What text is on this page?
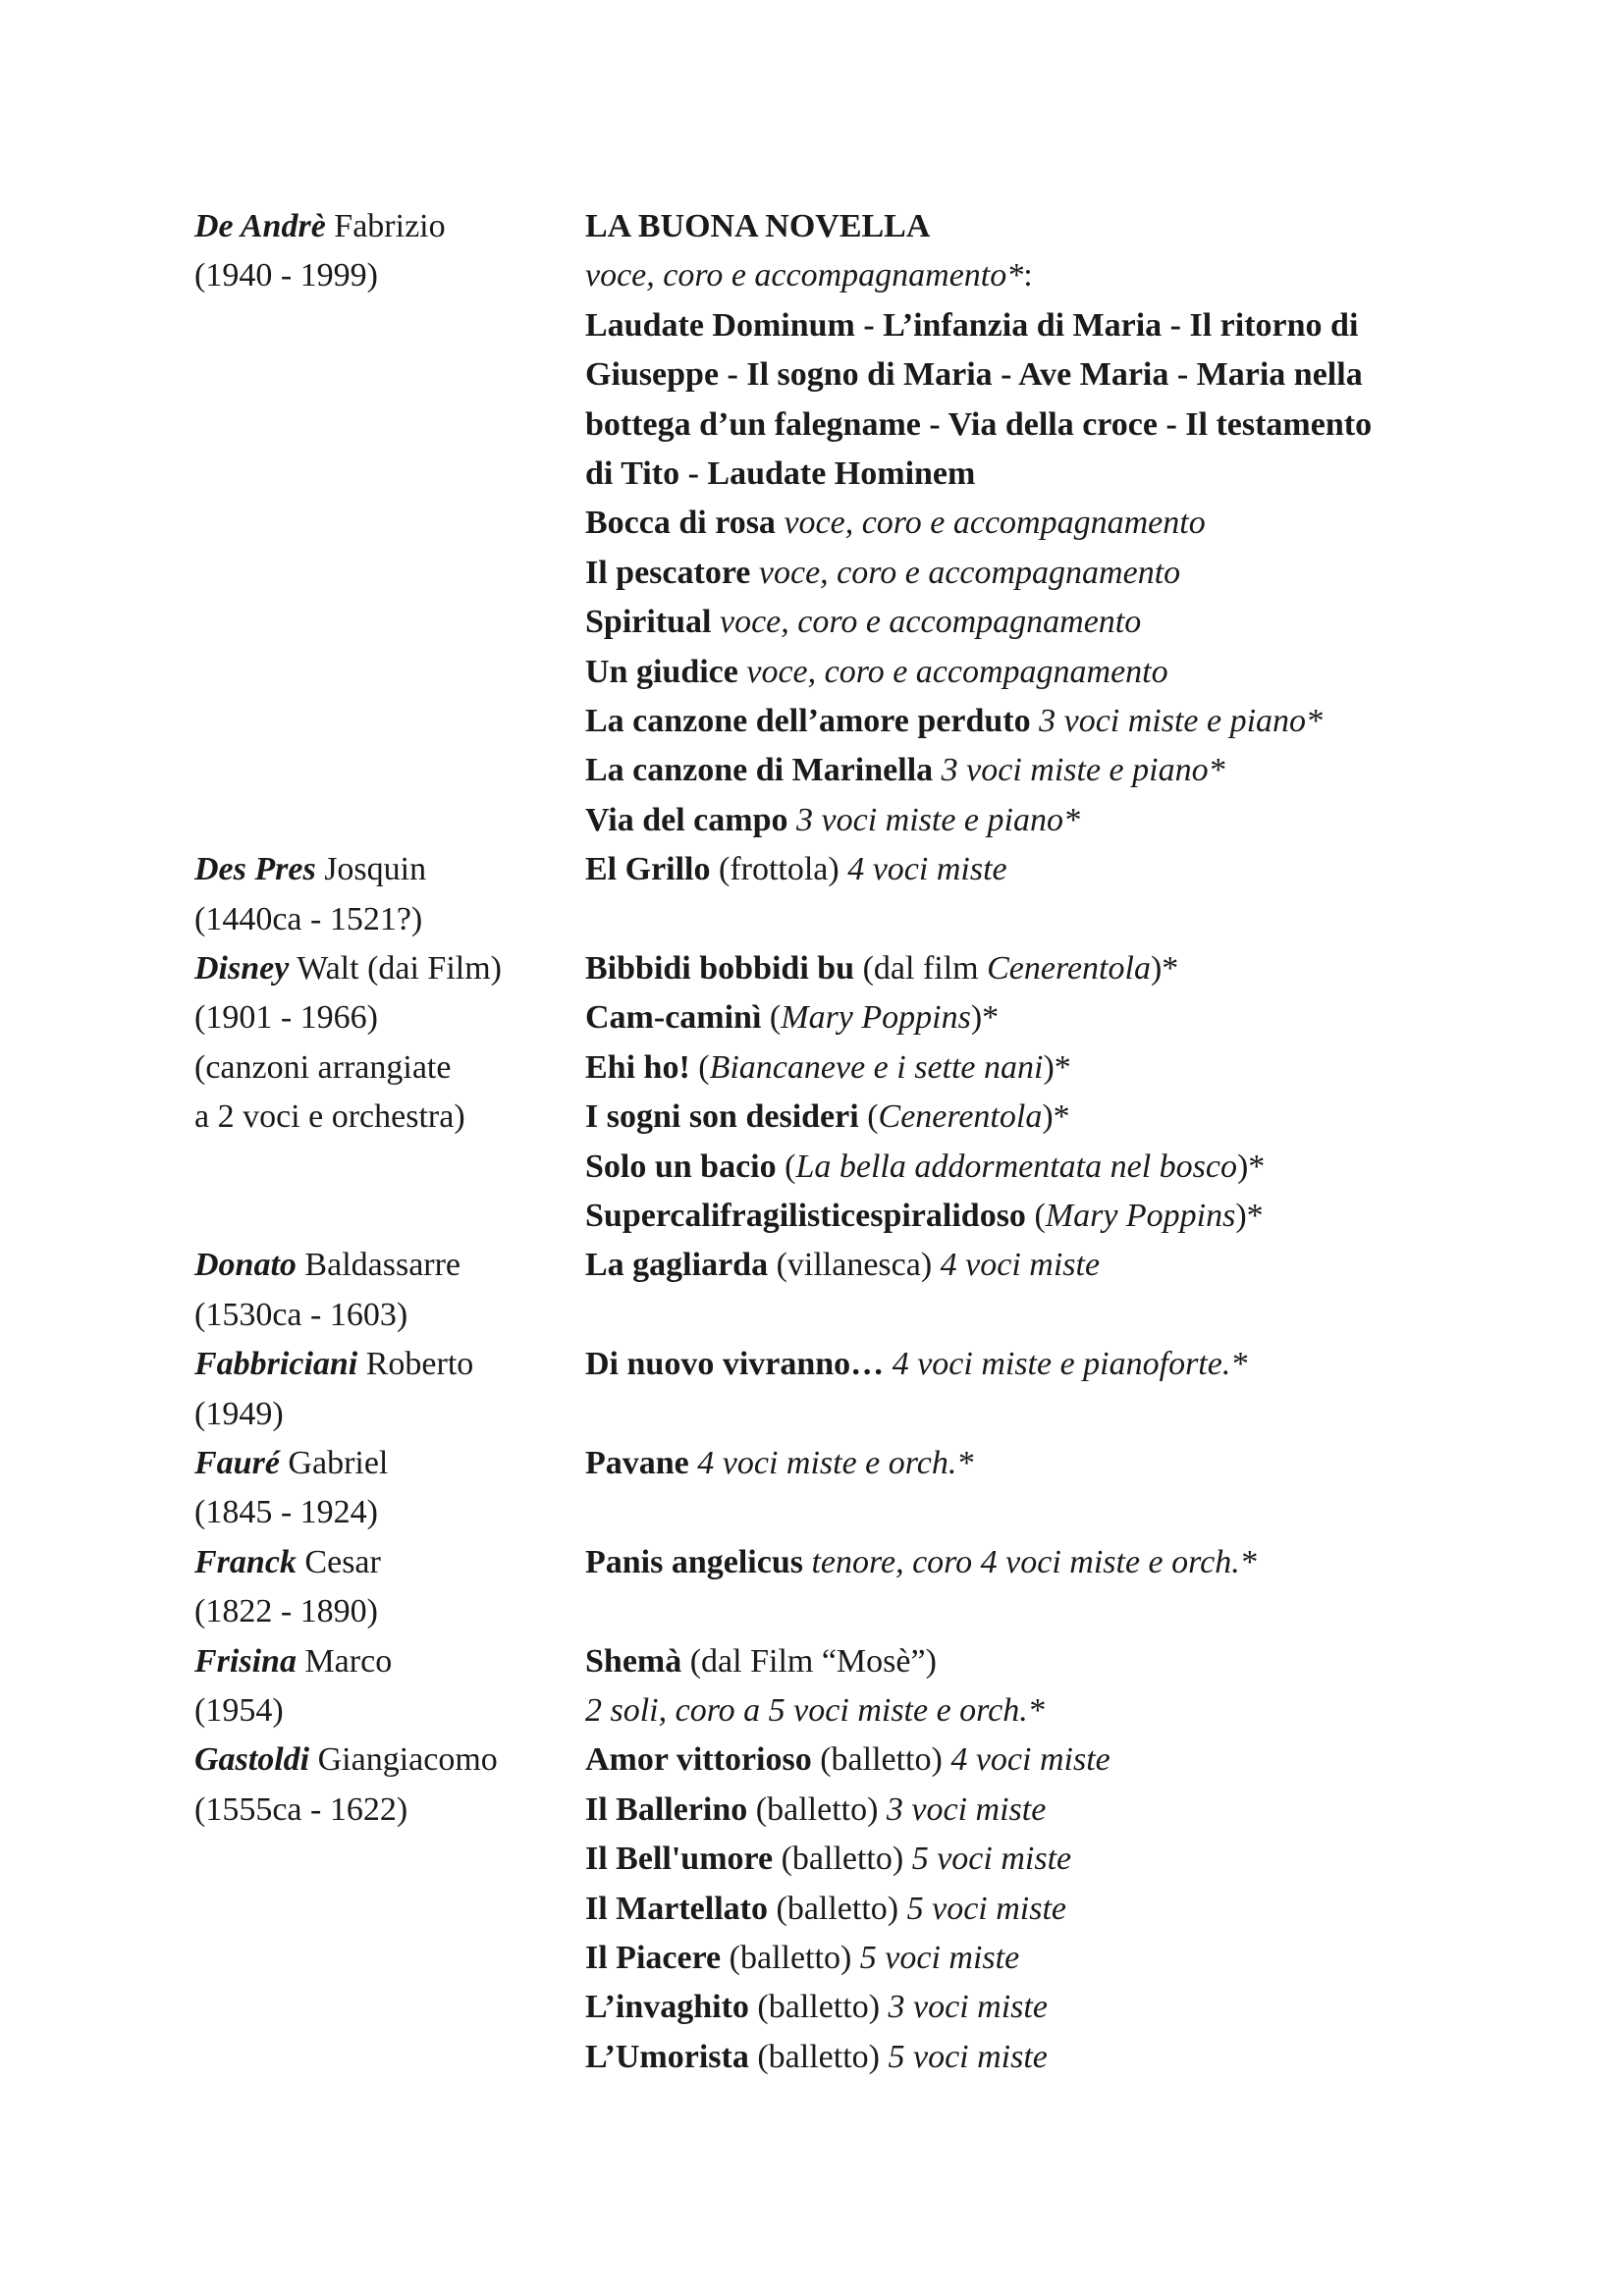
De Andrè Fabrizio
(1940 - 1999)
Des Pres Josquin
(1440ca - 1521?)
Disney Walt (dai Film)
(1901 - 1966)
(canzoni arrangiate
a 2 voci e orchestra)
Donato Baldassarre
(1530ca - 1603)
Fabbriciani Roberto
(1949)
Fauré Gabriel
(1845 - 1924)
Franck Cesar
(1822 - 1890)
Frisina Marco
(1954)
Gastoldi Giangiacomo
(1555ca - 1622)
LA BUONA NOVELLA
voce, coro e accompagnamento*:
Laudate Dominum - L’infanzia di Maria - Il ritorno di
Giuseppe - Il sogno di Maria - Ave Maria - Maria nella
bottega d’un falegname - Via della croce - Il testamento
di Tito - Laudate Hominem
Bocca di rosa voce, coro e accompagnamento
Il pescatore voce, coro e accompagnamento
Spiritual voce, coro e accompagnamento
Un giudice voce, coro e accompagnamento
La canzone dell’amore perduto 3 voci miste e piano*
La canzone di Marinella 3 voci miste e piano*
Via del campo 3 voci miste e piano*
El Grillo (frottola) 4 voci miste
Bibbidi bobbidi bu (dal film Cenerentola)*
Cam-caminì (Mary Poppins)*
Ehi ho! (Biancaneve e i sette nani)*
I sogni son desideri (Cenerentola)*
Solo un bacio (La bella addormentata nel bosco)*
Supercalifragilisticespiralidoso (Mary Poppins)*
La gagliarda (villanesca) 4 voci miste
Di nuovo vivranno… 4 voci miste e pianoforte.*
Pavane 4 voci miste e orch.*
Panis angelicus tenore, coro 4 voci miste e orch.*
Shemà (dal Film “Mosè”)
2 soli, coro a 5 voci miste e orch.*
Amor vittorioso (balletto) 4 voci miste
Il Ballerino (balletto) 3 voci miste
Il Bell'umore (balletto) 5 voci miste
Il Martellato (balletto) 5 voci miste
Il Piacere (balletto) 5 voci miste
L’invaghito (balletto) 3 voci miste
L’Umorista (balletto) 5 voci miste
